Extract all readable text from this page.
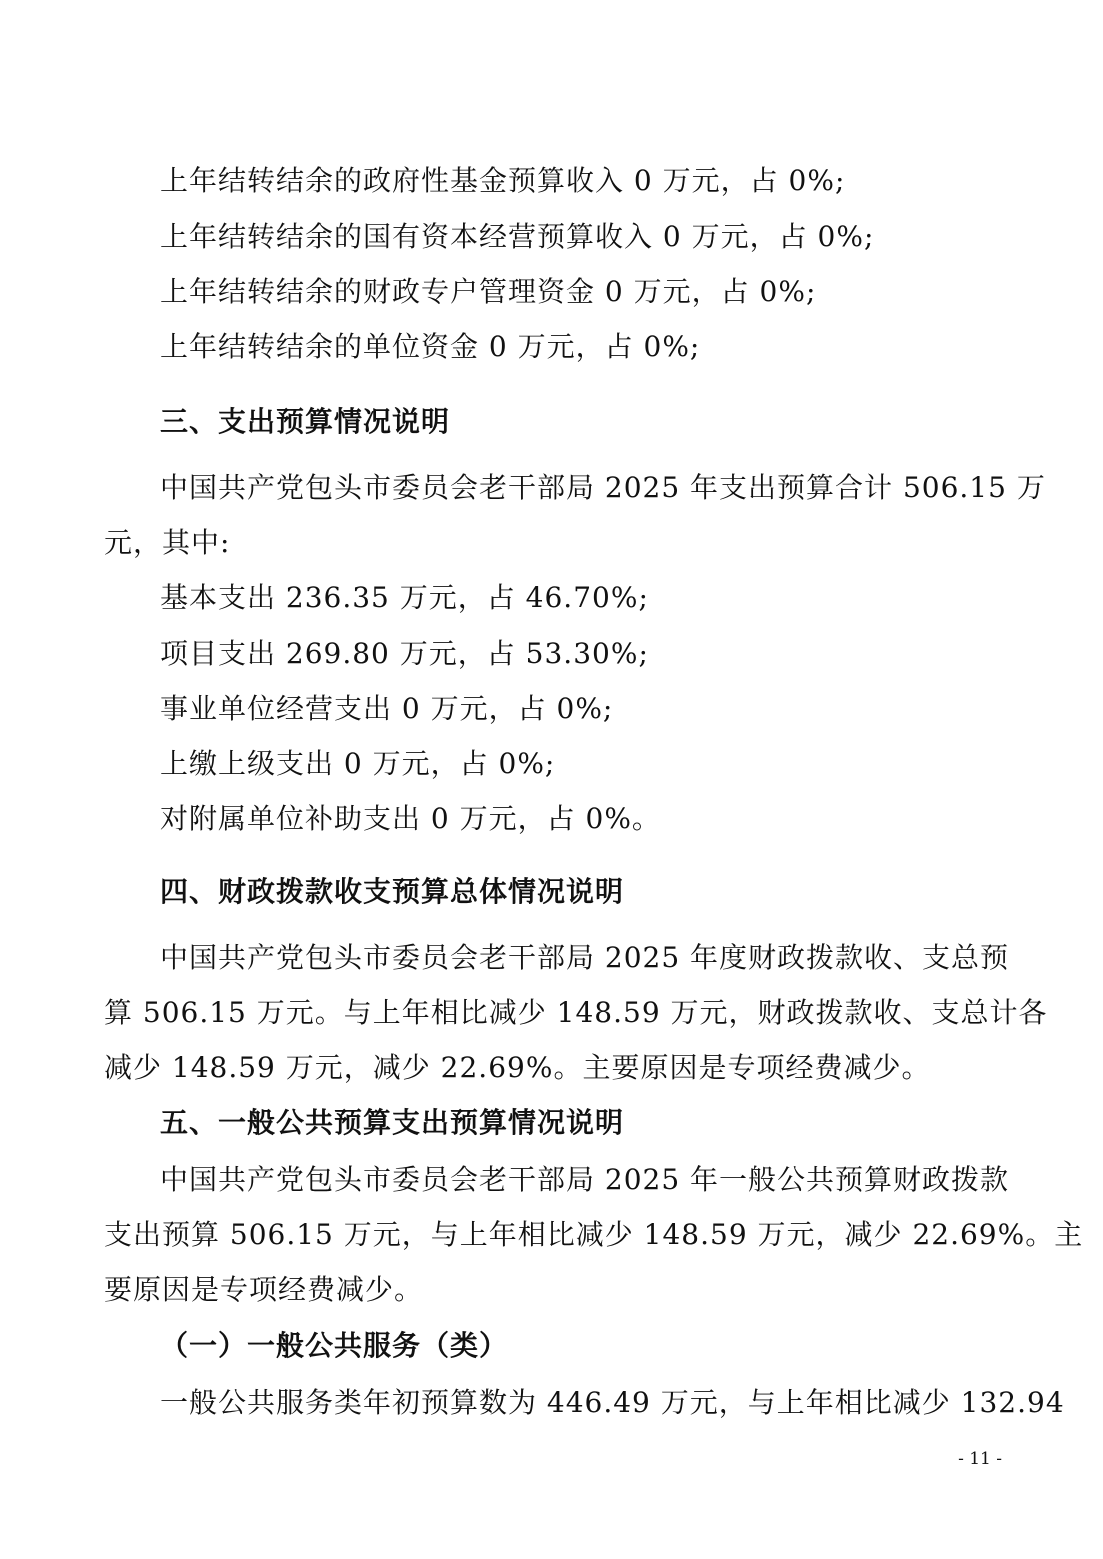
上年结转结余的政府性基金预算收入 0 万元，占 0%;
上年结转结余的国有资本经营预算收入 0 万元，占 0%;
上年结转结余的财政专户管理资金 0 万元，占 0%;
上年结转结余的单位资金 0 万元，占 0%;
三、支出预算情况说明
中国共产党包头市委员会老干部局 2025 年支出预算合计 506.15 万
元，其中:
基本支出 236.35 万元，占 46.70%;
项目支出 269.80 万元，占 53.30%;
事业单位经营支出 0 万元，占 0%;
上缴上级支出 0 万元，占 0%;
对附属单位补助支出 0 万元，占 0%。
四、财政拨款收支预算总体情况说明
中国共产党包头市委员会老干部局 2025 年度财政拨款收、支总预
算 506.15 万元。与上年相比减少 148.59 万元，财政拨款收、支总计各
减少 148.59 万元，减少 22.69%。主要原因是专项经费减少。
五、一般公共预算支出预算情况说明
中国共产党包头市委员会老干部局 2025 年一般公共预算财政拨款
支出预算 506.15 万元，与上年相比减少 148.59 万元，减少 22.69%。主
要原因是专项经费减少。
（一）一般公共服务（类）
一般公共服务类年初预算数为 446.49 万元，与上年相比减少 132.94
- 11 -
